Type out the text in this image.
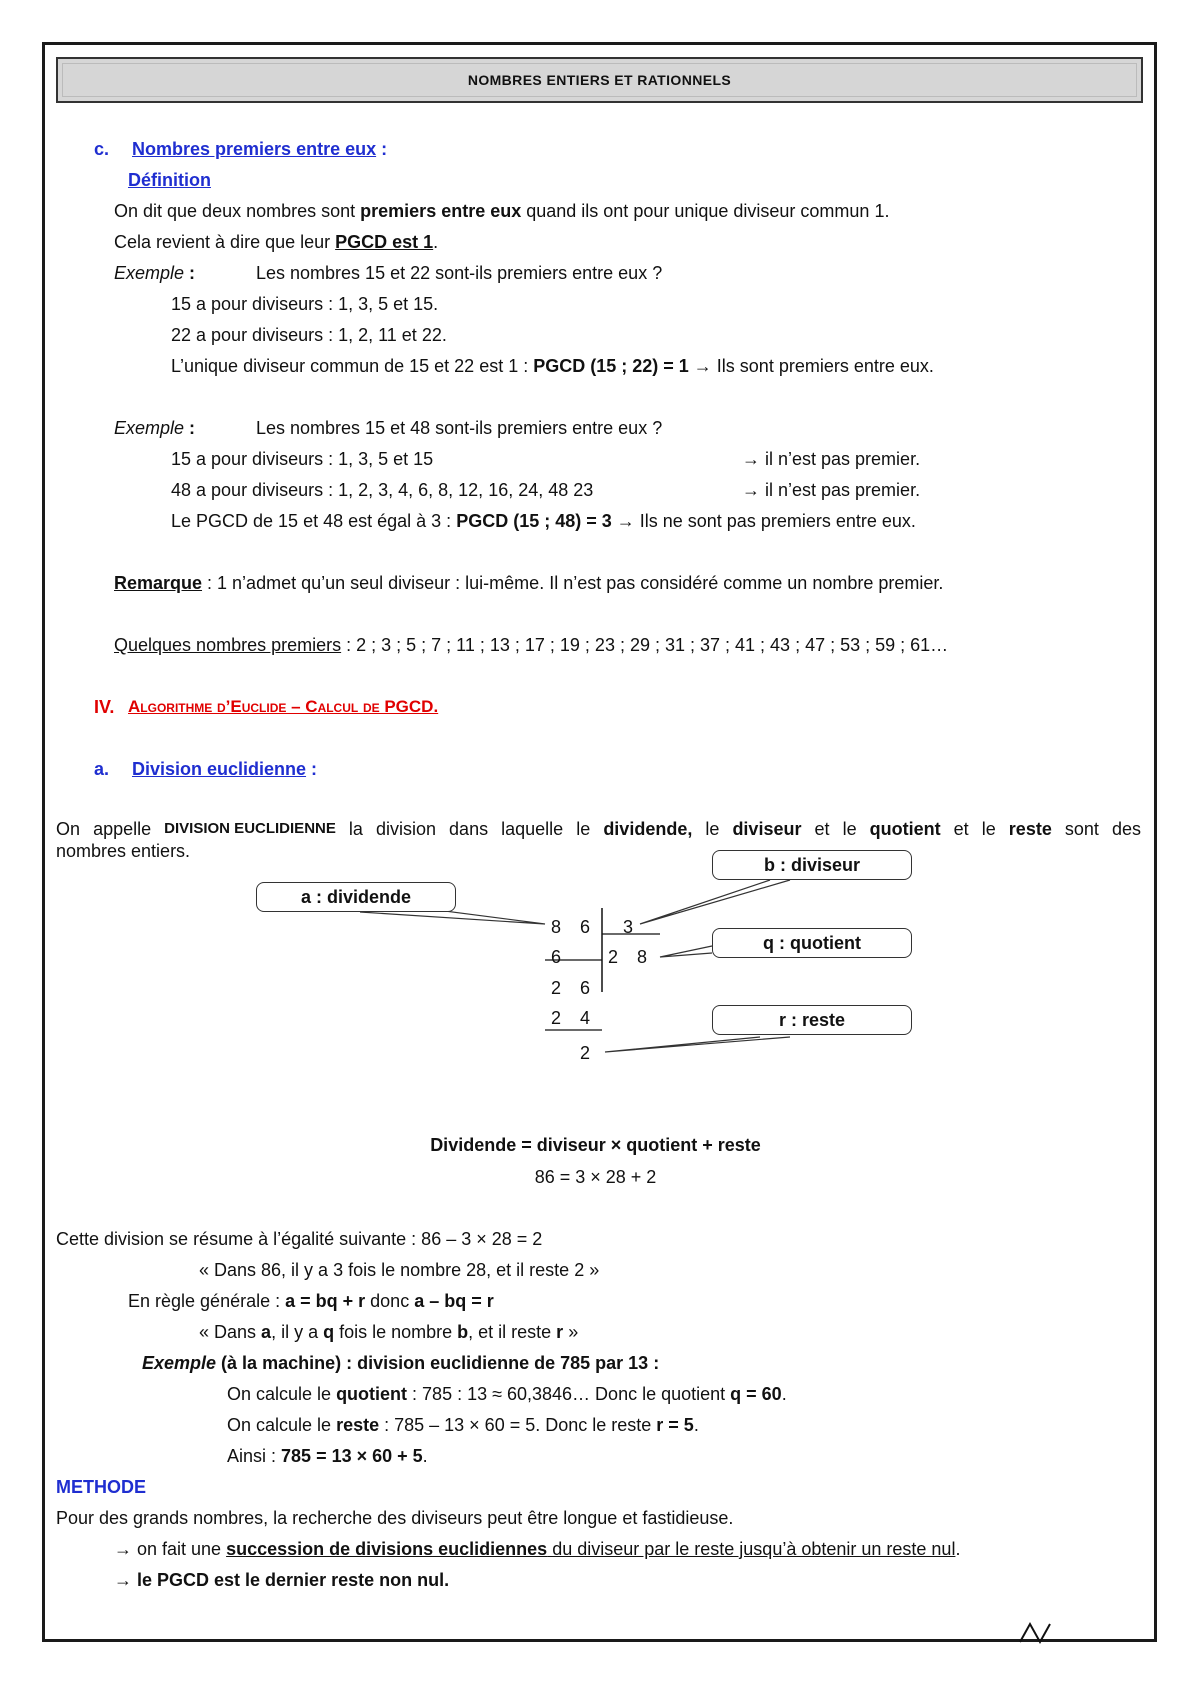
NOMBRES ENTIERS ET RATIONNELS
c. Nombres premiers entre eux :
Définition
On dit que deux nombres sont premiers entre eux quand ils ont pour unique diviseur commun 1.
Cela revient à dire que leur PGCD est 1.
Exemple :	Les nombres 15 et 22 sont-ils premiers entre eux ?
15 a pour diviseurs : 1, 3, 5 et 15.
22 a pour diviseurs : 1, 2, 11 et 22.
L’unique diviseur commun de 15 et 22 est 1 : PGCD (15 ; 22) = 1 → Ils sont premiers entre eux.
Exemple :	Les nombres 15 et 48 sont-ils premiers entre eux ?
15 a pour diviseurs : 1, 3, 5 et 15	→ il n’est pas premier.
48 a pour diviseurs : 1, 2, 3, 4, 6, 8, 12, 16, 24, 48 23	→ il n’est pas premier.
Le PGCD de 15 et 48 est égal à 3 : PGCD (15 ; 48) = 3 → Ils ne sont pas premiers entre eux.
Remarque : 1 n’admet qu’un seul diviseur : lui-même. Il n’est pas considéré comme un nombre premier.
Quelques nombres premiers : 2 ; 3 ; 5 ; 7 ; 11 ; 13 ; 17 ; 19 ; 23 ; 29 ; 31 ; 37 ; 41 ; 43 ; 47 ; 53 ; 59 ; 61…
IV. Algorithme d’Euclide – Calcul de PGCD.
a. Division euclidienne :
On appelle DIVISION EUCLIDIENNE la division dans laquelle le dividende, le diviseur et le quotient et le reste sont des
nombres entiers.
a : dividende
b : diviseur
q : quotient
r : reste
8 6 3
6	2 8
2 6
2 4
2
Dividende = diviseur × quotient + reste
86 = 3 × 28 + 2
Cette division se résume à l’égalité suivante : 86 – 3 × 28 = 2
« Dans 86, il y a 3 fois le nombre 28, et il reste 2 »
En règle générale : a = bq + r donc a – bq = r
« Dans a, il y a q fois le nombre b, et il reste r »
Exemple (à la machine) : division euclidienne de 785 par 13 :
On calcule le quotient : 785 : 13 ≈ 60,3846… Donc le quotient q = 60.
On calcule le reste : 785 – 13 × 60 = 5. Donc le reste r = 5.
Ainsi : 785 = 13 × 60 + 5.
METHODE
Pour des grands nombres, la recherche des diviseurs peut être longue et fastidieuse.
→ on fait une succession de divisions euclidiennes du diviseur par le reste jusqu’à obtenir un reste nul.
→ le PGCD est le dernier reste non nul.
